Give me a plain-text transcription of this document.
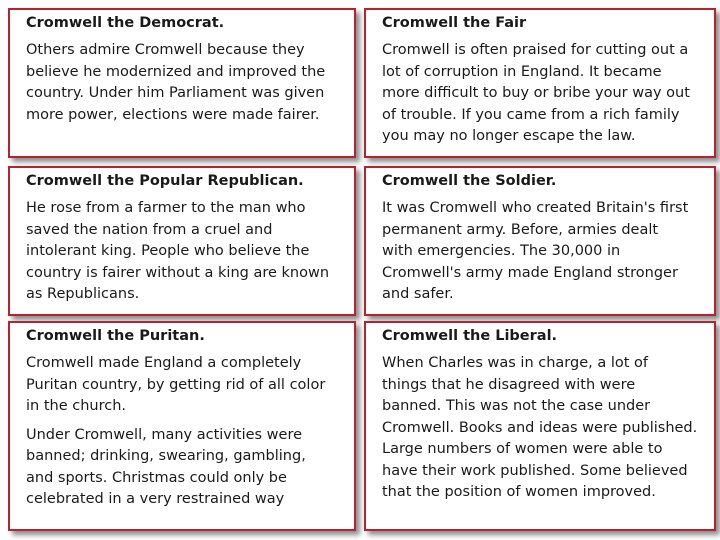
Cromwell the Democrat.

Others admire Cromwell because they
believe he modernized and improved the
country. Under him Parliament was given
more power, elections were made fairer.

Cromwell the Fair

Cromwell is often praised for cutting out a
lot of corruption in England. It became
more difficult to buy or bribe your way out
of trouble. If you came from a rich family
you may no longer escape the law.

Cromwell the Popular Republican.

He rose from a farmer to the man who
saved the nation from a cruel and
intolerant king. People who believe the
country is fairer without a king are known
as Republicans.

Cromwell the Soldier.

It was Cromwell who created Britain's first
permanent army. Before, armies dealt
with emergencies. The 30,000 in
Cromwell's army made England stronger
and safer.

Cromwell the Puritan.

Cromwell made England a completely
Puritan country, by getting rid of all color
in the church.

Under Cromwell, many activities were
banned; drinking, swearing, gambling,
and sports. Christmas could only be
celebrated in a very restrained way

Cromwell the Liberal.

When Charles was in charge, a lot of
things that he disagreed with were
banned. This was not the case under
Cromwell. Books and ideas were published.
Large numbers of women were able to
have their work published. Some believed
that the position of women improved.
